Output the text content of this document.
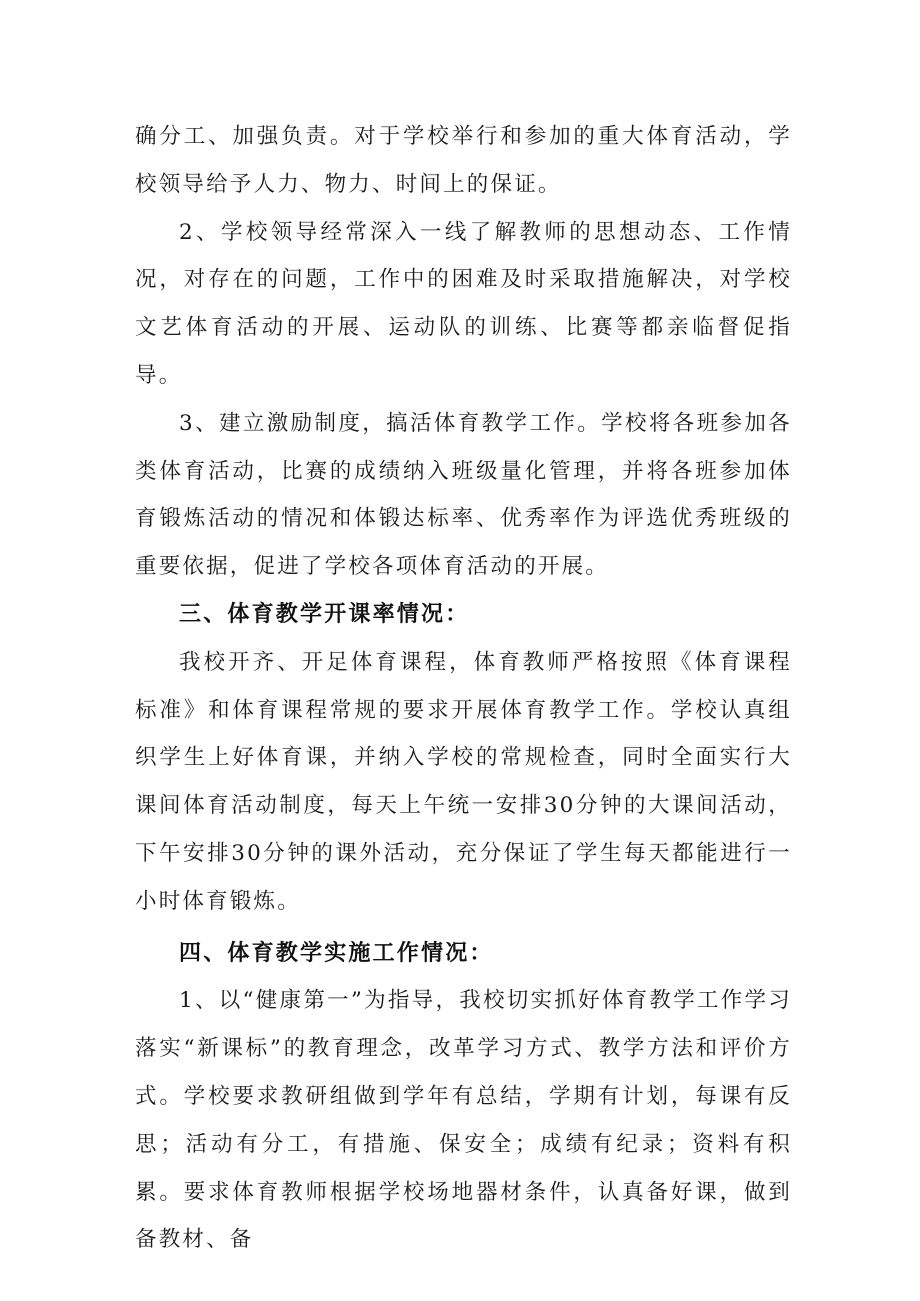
确分工、加强负责。对于学校举行和参加的重大体育活动，学校领导给予人力、物力、时间上的保证。

2、学校领导经常深入一线了解教师的思想动态、工作情况，对存在的问题，工作中的困难及时采取措施解决，对学校文艺体育活动的开展、运动队的训练、比赛等都亲临督促指导。

3、建立激励制度，搞活体育教学工作。学校将各班参加各类体育活动，比赛的成绩纳入班级量化管理，并将各班参加体育锻炼活动的情况和体锻达标率、优秀率作为评选优秀班级的重要依据，促进了学校各项体育活动的开展。

三、体育教学开课率情况：

我校开齐、开足体育课程，体育教师严格按照《体育课程标准》和体育课程常规的要求开展体育教学工作。学校认真组织学生上好体育课，并纳入学校的常规检查，同时全面实行大课间体育活动制度，每天上午统一安排30分钟的大课间活动，下午安排30分钟的课外活动，充分保证了学生每天都能进行一小时体育锻炼。

四、体育教学实施工作情况：

1、以“健康第一”为指导，我校切实抓好体育教学工作学习落实“新课标”的教育理念，改革学习方式、教学方法和评价方式。学校要求教研组做到学年有总结，学期有计划，每课有反思；活动有分工，有措施、保安全；成绩有纪录；资料有积累。要求体育教师根据学校场地器材条件，认真备好课，做到备教材、备
